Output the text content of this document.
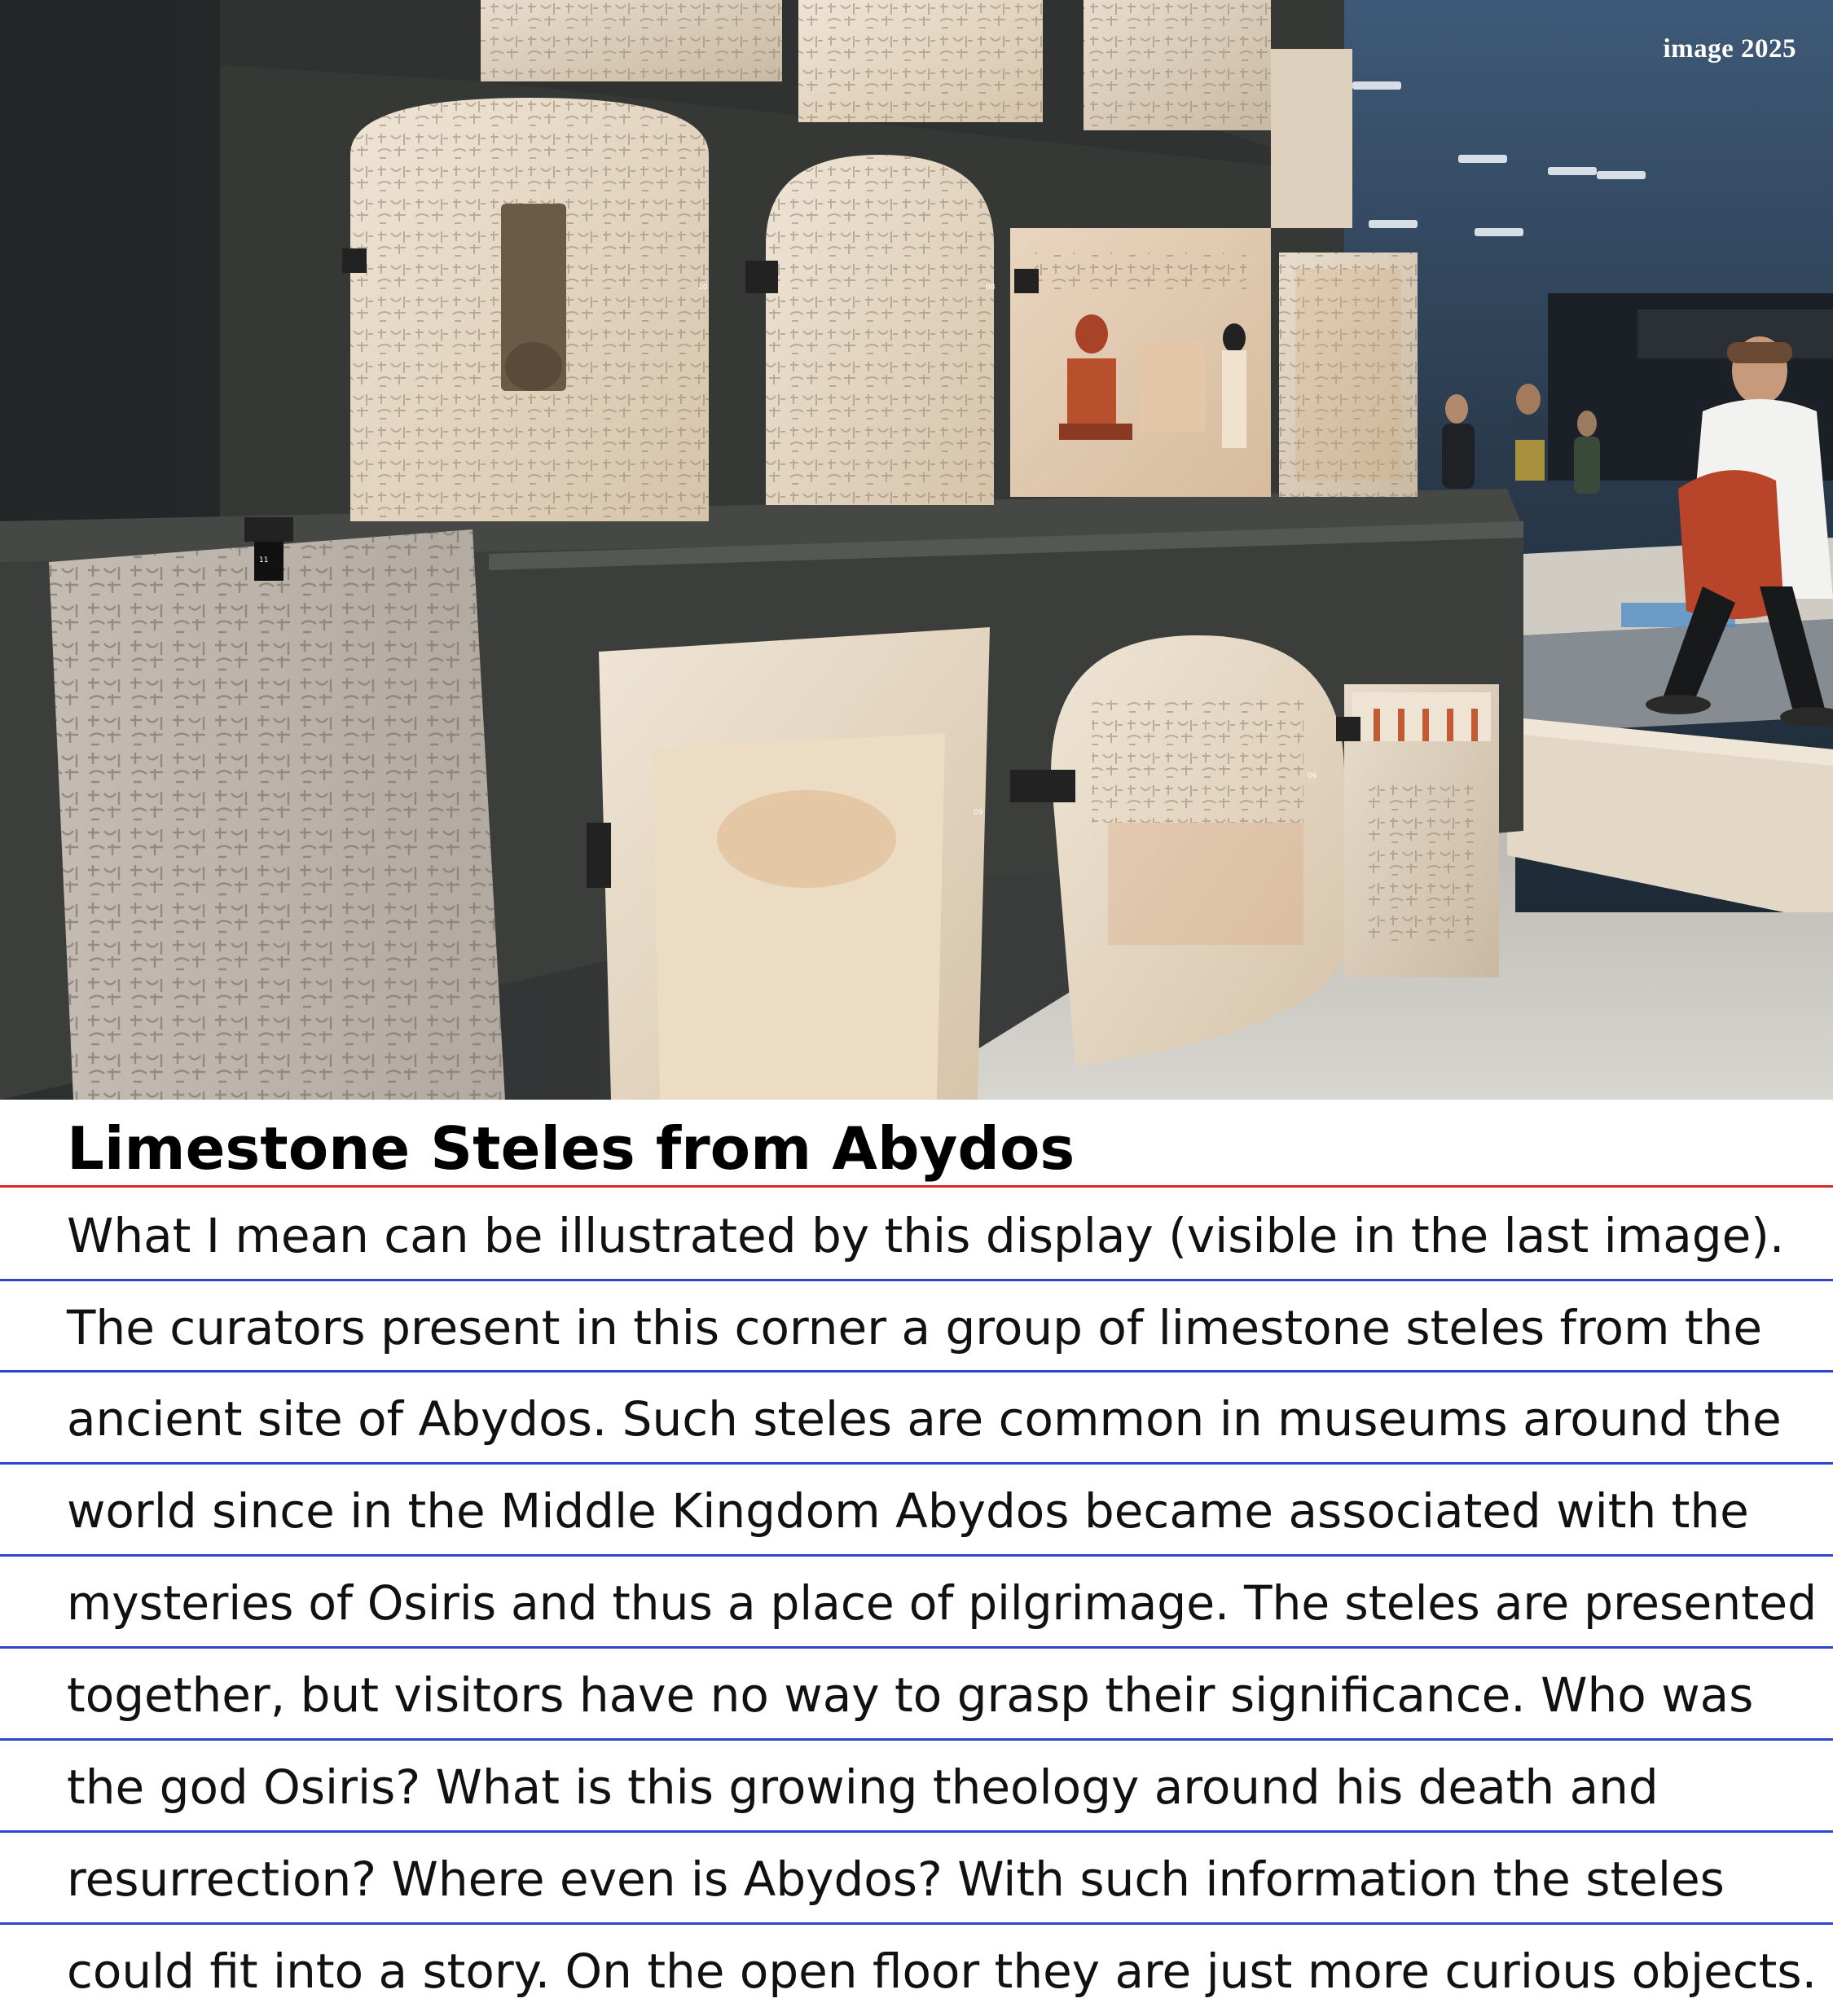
10	08
11
09
06
image 2025
Limestone Steles from Abydos
What I mean can be illustrated by this display (visible in the last image).
The curators present in this corner a group of limestone steles from the
ancient site of Abydos. Such steles are common in museums around the
world since in the Middle Kingdom Abydos became associated with the
mysteries of Osiris and thus a place of pilgrimage. The steles are presented
together, but visitors have no way to grasp their significance. Who was
the god Osiris? What is this growing theology around his death and
resurrection? Where even is Abydos? With such information the steles
could fit into a story. On the open floor they are just more curious objects.
